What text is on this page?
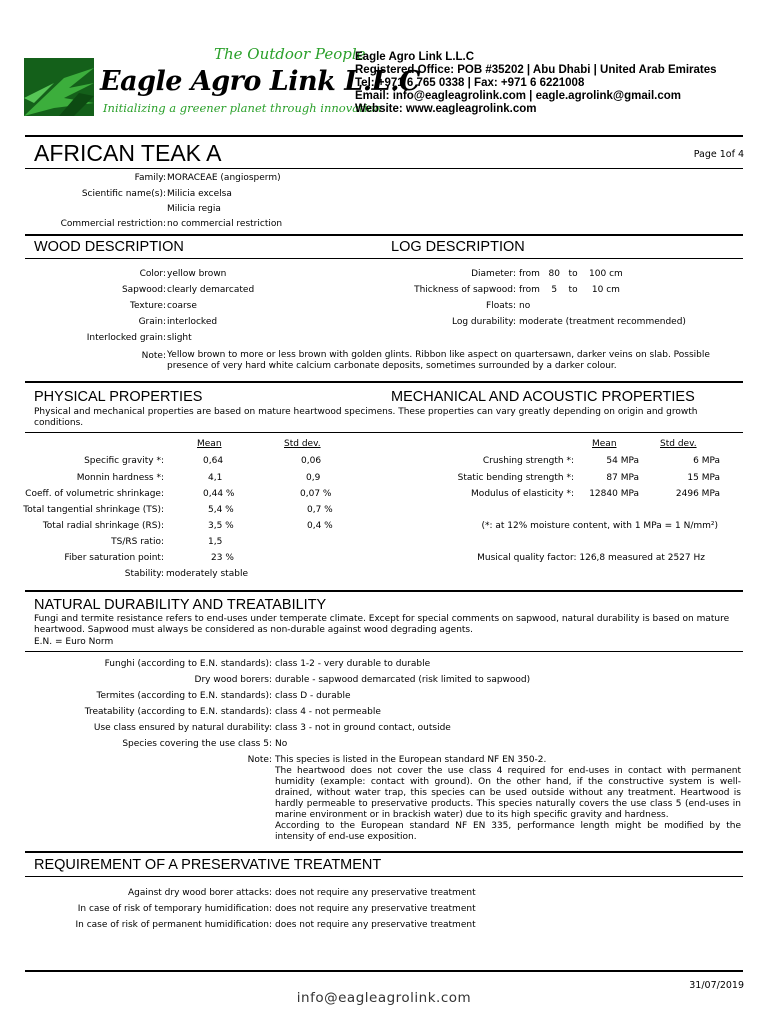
The Outdoor People
Eagle Agro Link L.L.C
Initializing a greener planet through innovation
Eagle Agro Link L.L.C
Registered Office: POB #35202 | Abu Dhabi | United Arab Emirates
Tel: +971 6 765 0338 | Fax: +971 6 6221008
Email: info@eagleagrolink.com | eagle.agrolink@gmail.com
Website: www.eagleagrolink.com
AFRICAN TEAK A	Page 1of 4
Family: MORACEAE (angiosperm)
Scientific name(s): Milicia excelsa
Milicia regia
Commercial restriction: no commercial restriction
WOOD DESCRIPTION	LOG DESCRIPTION
Color: yellow brown
Sapwood: clearly demarcated
Texture: coarse
Grain: interlocked
Interlocked grain: slight
Diameter: from   80   to    100 cm
Thickness of sapwood: from    5    to     10 cm
Floats: no
Log durability: moderate (treatment recommended)
Note: Yellow brown to more or less brown with golden glints. Ribbon like aspect on quartersawn, darker veins on slab. Possible presence of very hard white calcium carbonate deposits, sometimes surrounded by a darker colour.
PHYSICAL PROPERTIES	MECHANICAL AND ACOUSTIC PROPERTIES
Physical and mechanical properties are based on mature heartwood specimens. These properties can vary greatly depending on origin and growth conditions.
Mean	Std dev.
Specific gravity *:	0,64	0,06
Monnin hardness *:	4,1	0,9
Coeff. of volumetric shrinkage:	0,44 %	0,07 %
Total tangential shrinkage (TS):	5,4 %	0,7 %
Total radial shrinkage (RS):	3,5 %	0,4 %
TS/RS ratio:	1,5
Fiber saturation point:	23 %
Stability: moderately stable
Mean	Std dev.
Crushing strength *:	54 MPa	6 MPa
Static bending strength *:	87 MPa	15 MPa
Modulus of elasticity *: 12840 MPa	2496 MPa
(*: at 12% moisture content, with 1 MPa = 1 N/mm²)
Musical quality factor: 126,8 measured at 2527 Hz
NATURAL DURABILITY AND TREATABILITY
Fungi and termite resistance refers to end-uses under temperate climate. Except for special comments on sapwood, natural durability is based on mature heartwood. Sapwood must always be considered as non-durable against wood degrading agents.
E.N. = Euro Norm
Funghi (according to E.N. standards): class 1-2 - very durable to durable
Dry wood borers: durable - sapwood demarcated (risk limited to sapwood)
Termites (according to E.N. standards): class D - durable
Treatability (according to E.N. standards): class 4 - not permeable
Use class ensured by natural durability: class 3 - not in ground contact, outside
Species covering the use class 5: No
Note: This species is listed in the European standard NF EN 350-2.
The heartwood does not cover the use class 4 required for end-uses in contact with permanent humidity (example: contact with ground). On the other hand, if the constructive system is well-drained, without water trap, this species can be used outside without any treatment. Heartwood is hardly permeable to preservative products. This species naturally covers the use class 5 (end-uses in marine environment or in brackish water) due to its high specific gravity and hardness.
According to the European standard NF EN 335, performance length might be modified by the intensity of end-use exposition.
REQUIREMENT OF A PRESERVATIVE TREATMENT
Against dry wood borer attacks: does not require any preservative treatment
In case of risk of temporary humidification: does not require any preservative treatment
In case of risk of permanent humidification: does not require any preservative treatment
31/07/2019
info@eagleagrolink.com
